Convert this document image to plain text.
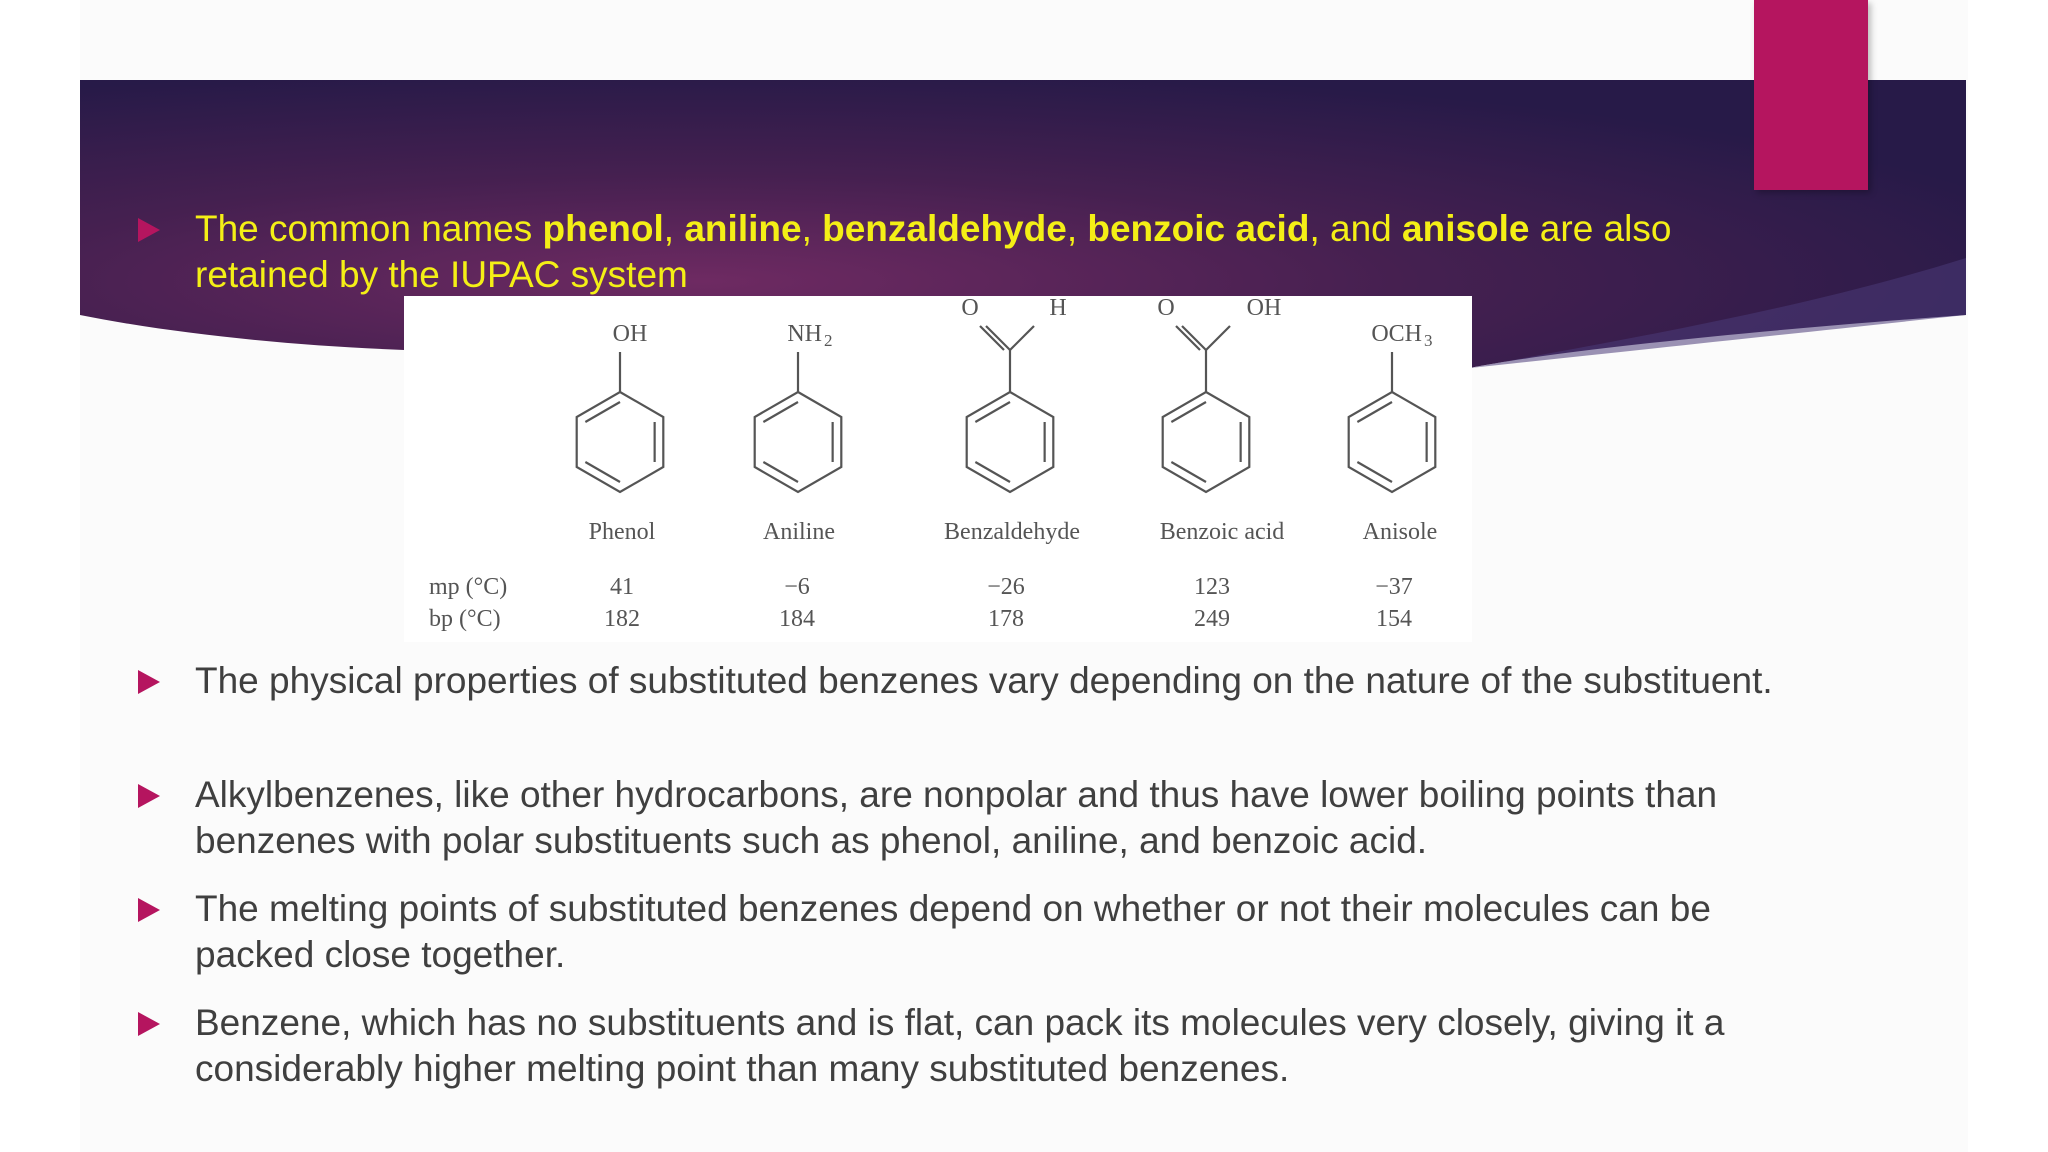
The common names phenol, aniline, benzaldehyde, benzoic acid, and anisole are also retained by the IUPAC system
OH
Phenol
41
182
NH 2
Aniline
−6
184
O	H
Benzaldehyde
−26
178
O	OH
Benzoic acid
123
249
OCH 3
Anisole
−37
154
mp (°C)
bp (°C)
The physical properties of substituted benzenes vary depending on the nature of the substituent.
Alkylbenzenes, like other hydrocarbons, are nonpolar and thus have lower boiling points than benzenes with polar substituents such as phenol, aniline, and benzoic acid.
The melting points of substituted benzenes depend on whether or not their molecules can be packed close together.
Benzene, which has no substituents and is flat, can pack its molecules very closely, giving it a considerably higher melting point than many substituted benzenes.
